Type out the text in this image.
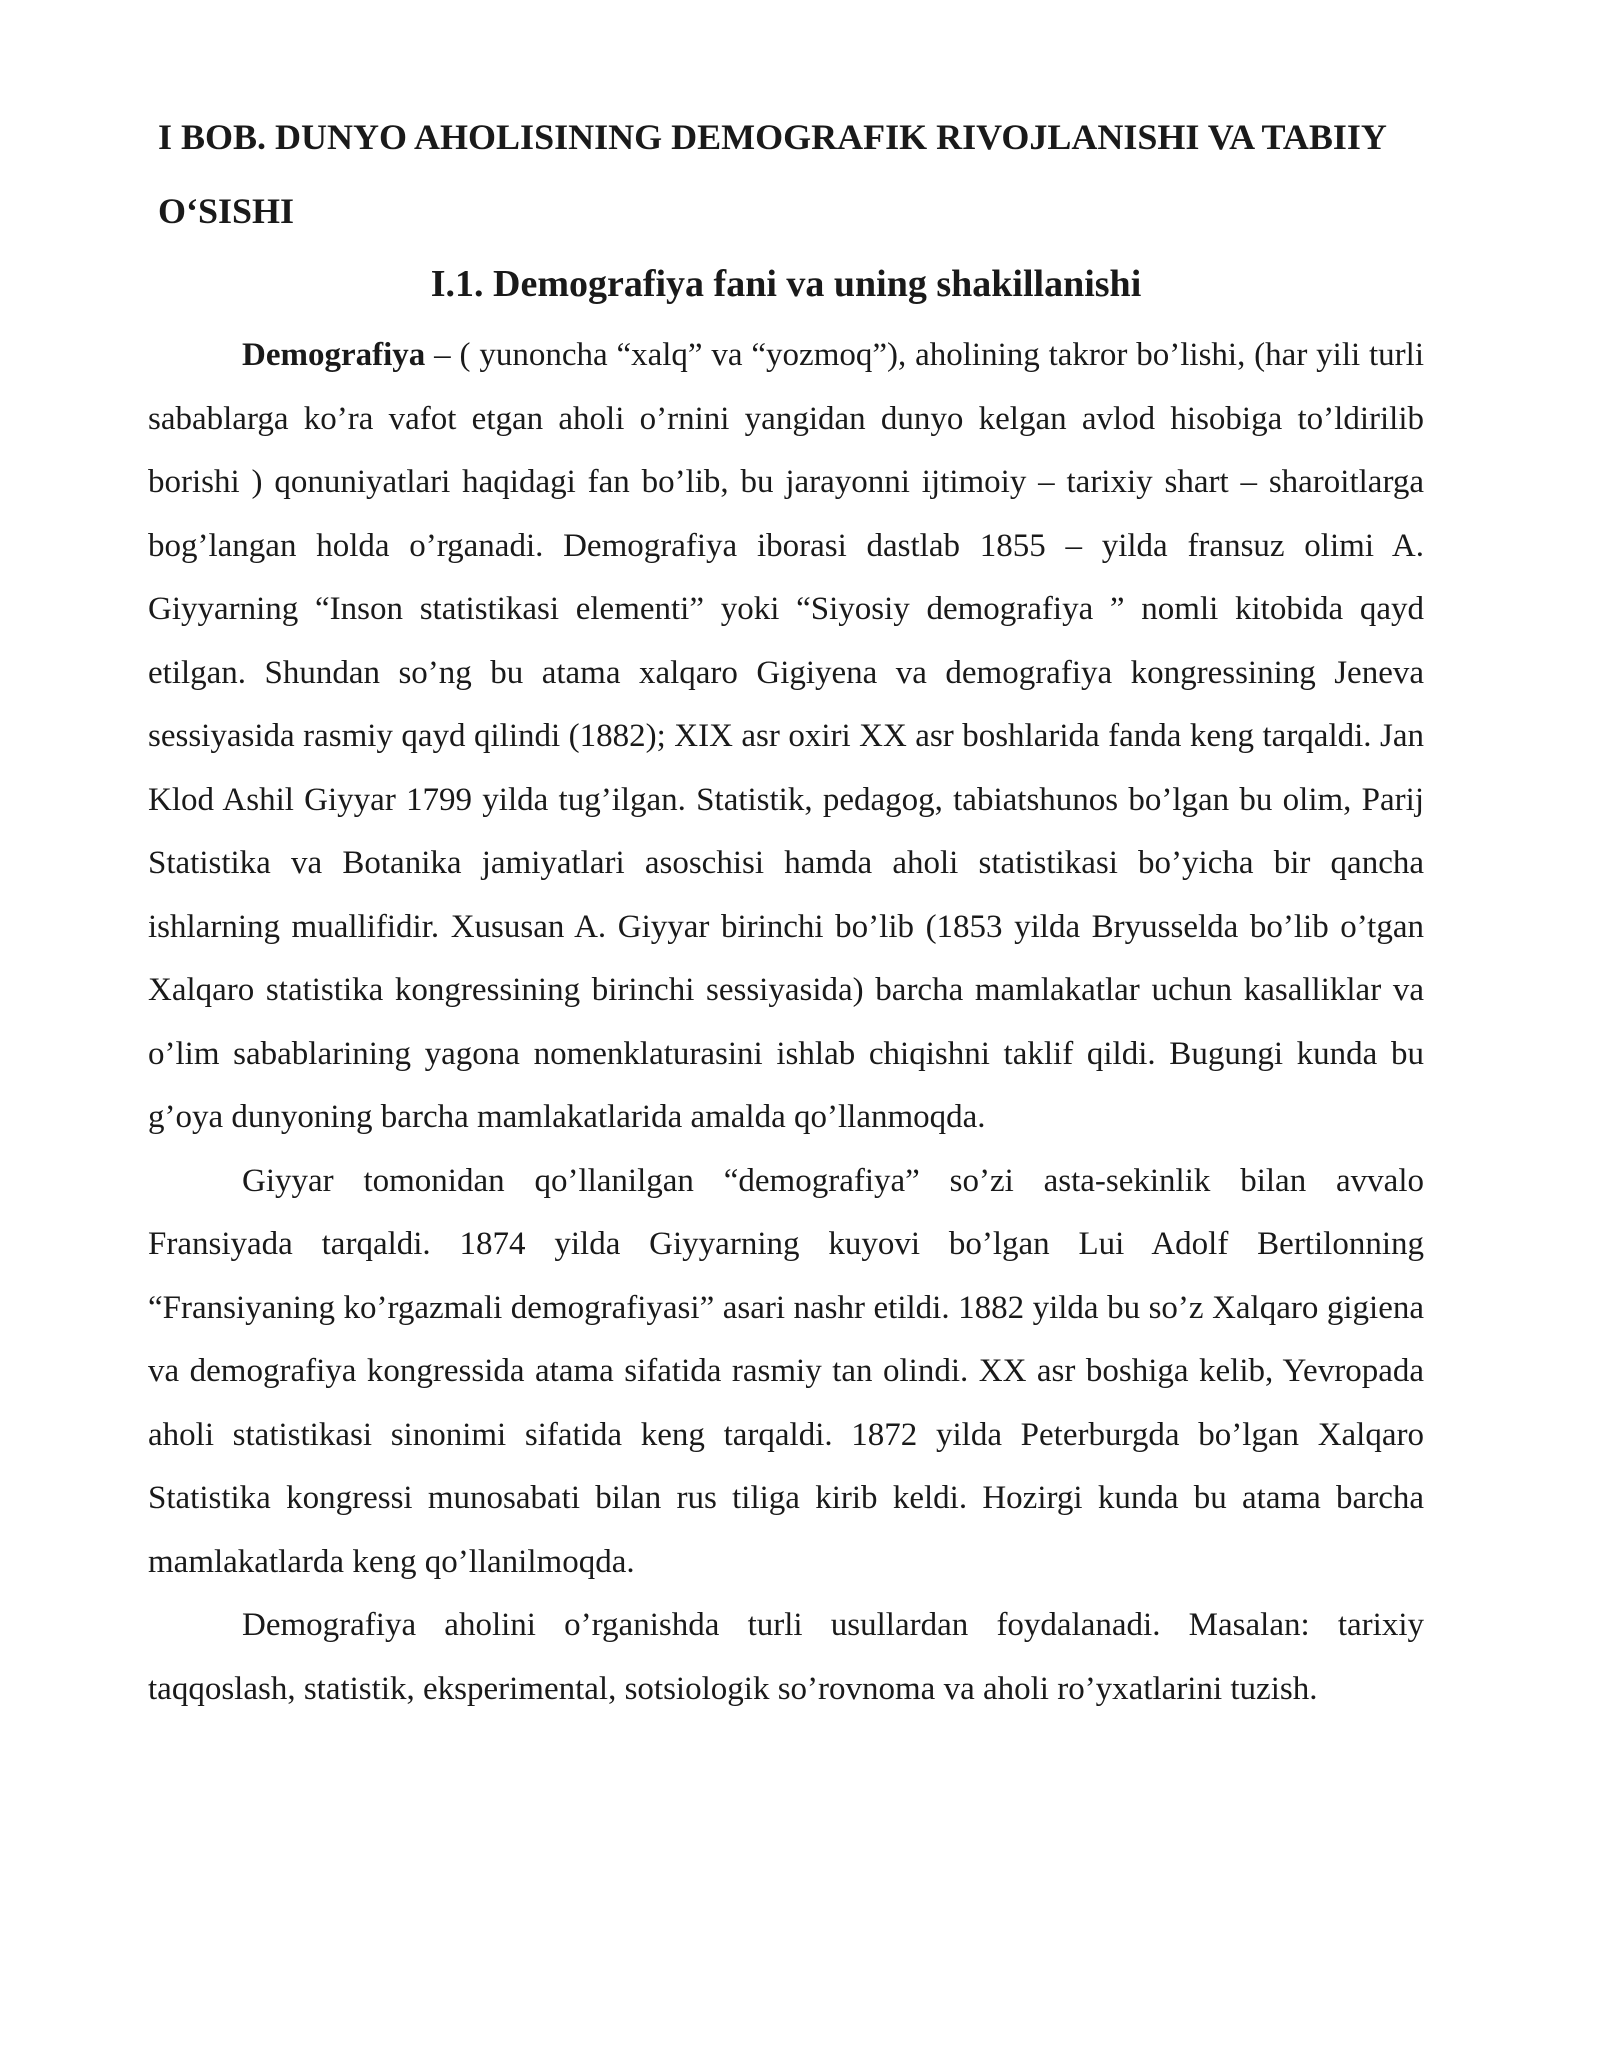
I BOB. DUNYO AHOLISINING DEMOGRAFIK RIVOJLANISHI VA TABIIY O‘SISHI
I.1. Demografiya fani va uning shakillanishi

Demografiya – ( yunoncha “xalq” va “yozmoq”), aholining takror bo’lishi, (har yili turli sabablarga ko’ra vafot etgan aholi o’rnini yangidan dunyo kelgan avlod hisobiga to’ldirilib borishi ) qonuniyatlari haqidagi fan bo’lib, bu jarayonni ijtimoiy – tarixiy shart – sharoitlarga bog’langan holda o’rganadi. Demografiya iborasi dastlab 1855 – yilda fransuz olimi A. Giyyarning “Inson statistikasi elementi” yoki “Siyosiy demografiya ” nomli kitobida qayd etilgan. Shundan so’ng bu atama xalqaro Gigiyena va demografiya kongressining Jeneva sessiyasida rasmiy qayd qilindi (1882); XIX asr oxiri XX asr boshlarida fanda keng tarqaldi. Jan Klod Ashil Giyyar 1799 yilda tug’ilgan. Statistik, pedagog, tabiatshunos bo’lgan bu olim, Parij Statistika va Botanika jamiyatlari asoschisi hamda aholi statistikasi bo’yicha bir qancha ishlarning muallifidir. Xususan A. Giyyar birinchi bo’lib (1853 yilda Bryusselda bo’lib o’tgan Xalqaro statistika kongressining birinchi sessiyasida) barcha mamlakatlar uchun kasalliklar va o’lim sabablarining yagona nomenklaturasini ishlab chiqishni taklif qildi. Bugungi kunda bu g’oya dunyoning barcha mamlakatlarida amalda qo’llanmoqda.

Giyyar tomonidan qo’llanilgan “demografiya” so’zi asta-sekinlik bilan avvalo Fransiyada tarqaldi. 1874 yilda Giyyarning kuyovi bo’lgan Lui Adolf Bertilonning “Fransiyaning ko’rgazmali demografiyasi” asari nashr etildi. 1882 yilda bu so’z Xalqaro gigiena va demografiya kongressida atama sifatida rasmiy tan olindi. XX asr boshiga kelib, Yevropada aholi statistikasi sinonimi sifatida keng tarqaldi. 1872 yilda Peterburgda bo’lgan Xalqaro Statistika kongressi munosabati bilan rus tiliga kirib keldi. Hozirgi kunda bu atama barcha mamlakatlarda keng qo’llanilmoqda.

Demografiya aholini o’rganishda turli usullardan foydalanadi. Masalan: tarixiy taqqoslash, statistik, eksperimental, sotsiologik so’rovnoma va aholi ro’yxatlarini tuzish.
